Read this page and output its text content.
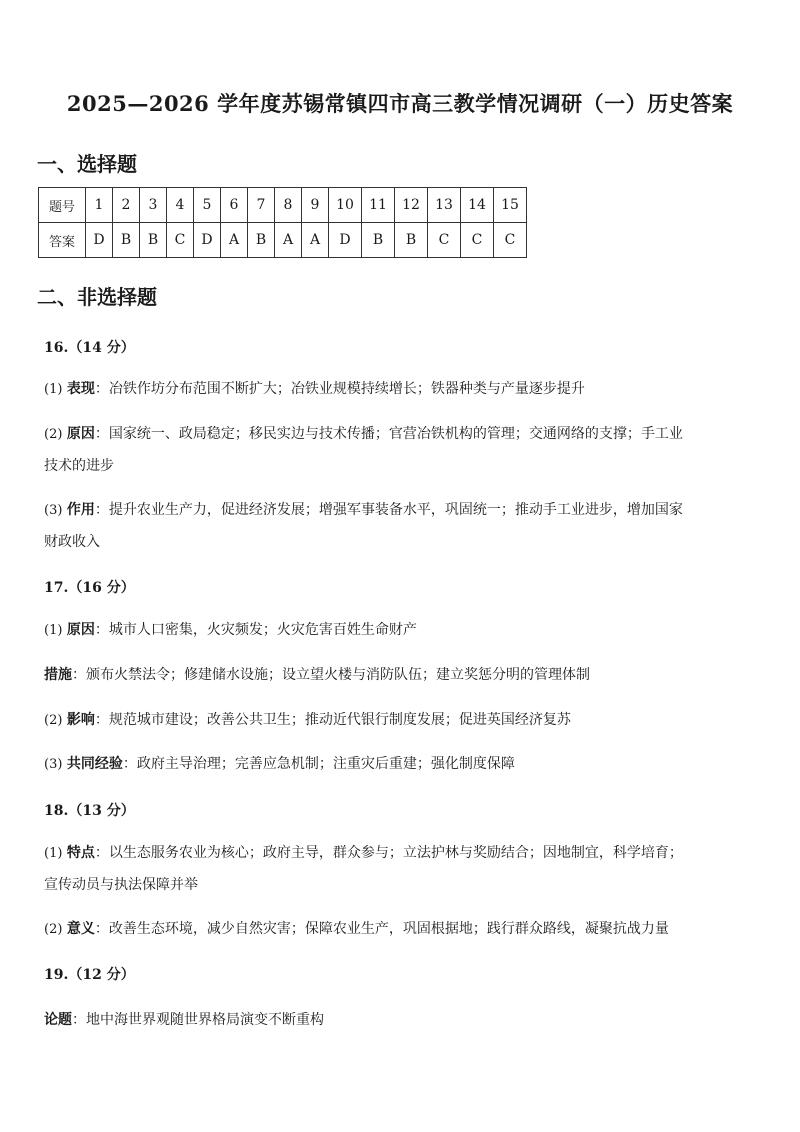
2025—2026 学年度苏锡常镇四市高三教学情况调研（一）历史答案
一、选择题
题号	1	2	3	4	5	6	7	8	9	10	11	12	13	14	15
答案	D	B	B	C	D	A	B	A	A	D	B	B	C	C	C
二、非选择题
16.（14 分）
(1) 表现：冶铁作坊分布范围不断扩大；冶铁业规模持续增长；铁器种类与产量逐步提升
(2) 原因：国家统一、政局稳定；移民实边与技术传播；官营冶铁机构的管理；交通网络的支撑；手工业
技术的进步
(3) 作用：提升农业生产力，促进经济发展；增强军事装备水平，巩固统一；推动手工业进步，增加国家
财政收入
17.（16 分）
(1) 原因：城市人口密集，火灾频发；火灾危害百姓生命财产
措施：颁布火禁法令；修建储水设施；设立望火楼与消防队伍；建立奖惩分明的管理体制
(2) 影响：规范城市建设；改善公共卫生；推动近代银行制度发展；促进英国经济复苏
(3) 共同经验：政府主导治理；完善应急机制；注重灾后重建；强化制度保障
18.（13 分）
(1) 特点：以生态服务农业为核心；政府主导，群众参与；立法护林与奖励结合；因地制宜，科学培育；
宣传动员与执法保障并举
(2) 意义：改善生态环境，减少自然灾害；保障农业生产，巩固根据地；践行群众路线，凝聚抗战力量
19.（12 分）
论题：地中海世界观随世界格局演变不断重构
